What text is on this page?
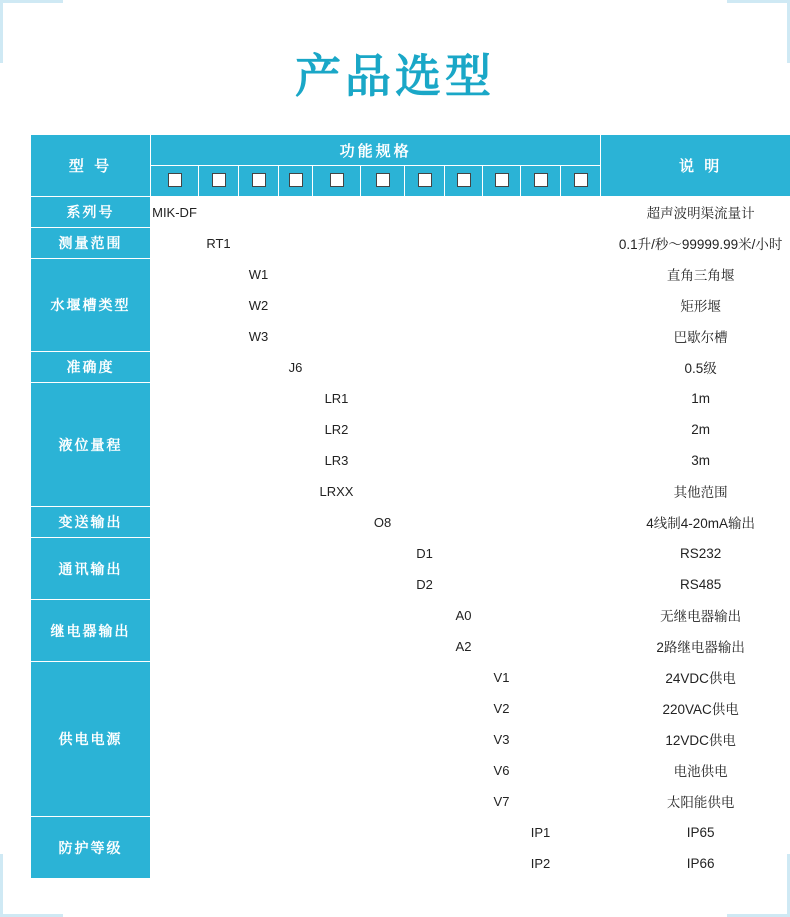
产品选型
型 号	功能规格											说 明

系列号	MIK-DF											超声波明渠流量计
测量范围		RT1										0.1升/秒～99999.99米/小时
水堰槽类型			W1									直角三角堰
			W2									矩形堰
			W3									巴歇尔槽
准确度				J6								0.5级
液位量程					LR1							1m
					LR2							2m
					LR3							3m
					LRXX							其他范围
变送输出						O8						4线制4-20mA输出
通讯输出							D1					RS232
							D2					RS485
继电器输出								A0				无继电器输出
								A2				2路继电器输出
供电电源									V1			24VDC供电
									V2			220VAC供电
									V3			12VDC供电
									V6			电池供电
									V7			太阳能供电
防护等级										IP1		IP65
										IP2		IP66
